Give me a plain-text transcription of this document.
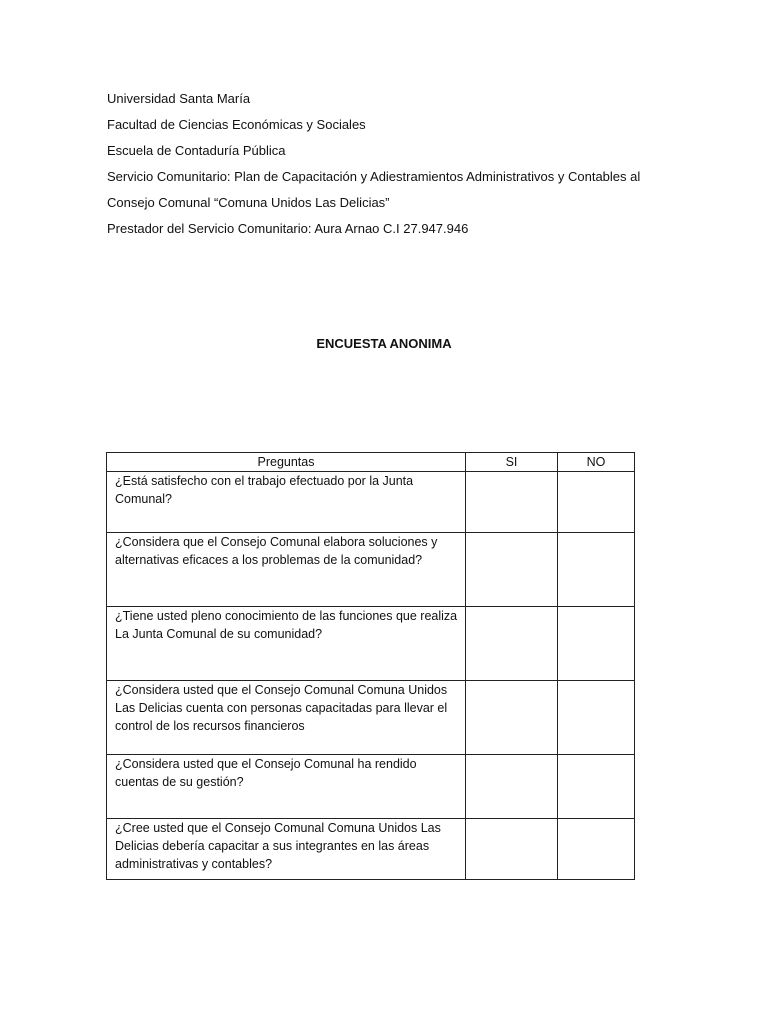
Universidad Santa María
Facultad de Ciencias Económicas y Sociales
Escuela de Contaduría Pública
Servicio Comunitario: Plan de Capacitación y Adiestramientos Administrativos y Contables al
Consejo Comunal “Comuna Unidos Las Delicias”
Prestador del Servicio Comunitario: Aura Arnao C.I 27.947.946
ENCUESTA ANONIMA
Preguntas	SI	NO
¿Está satisfecho con el trabajo efectuado por la Junta Comunal?		
¿Considera que el Consejo Comunal elabora soluciones y alternativas eficaces a los problemas de la comunidad?		
¿Tiene usted pleno conocimiento de las funciones que realiza La Junta Comunal de su comunidad?		
¿Considera usted que el Consejo Comunal Comuna Unidos Las Delicias cuenta con personas capacitadas para llevar el control de los recursos financieros		
¿Considera usted que el Consejo Comunal ha rendido cuentas de su gestión?		
¿Cree usted que el Consejo Comunal Comuna Unidos Las Delicias debería capacitar a sus integrantes en las áreas administrativas y contables?		
